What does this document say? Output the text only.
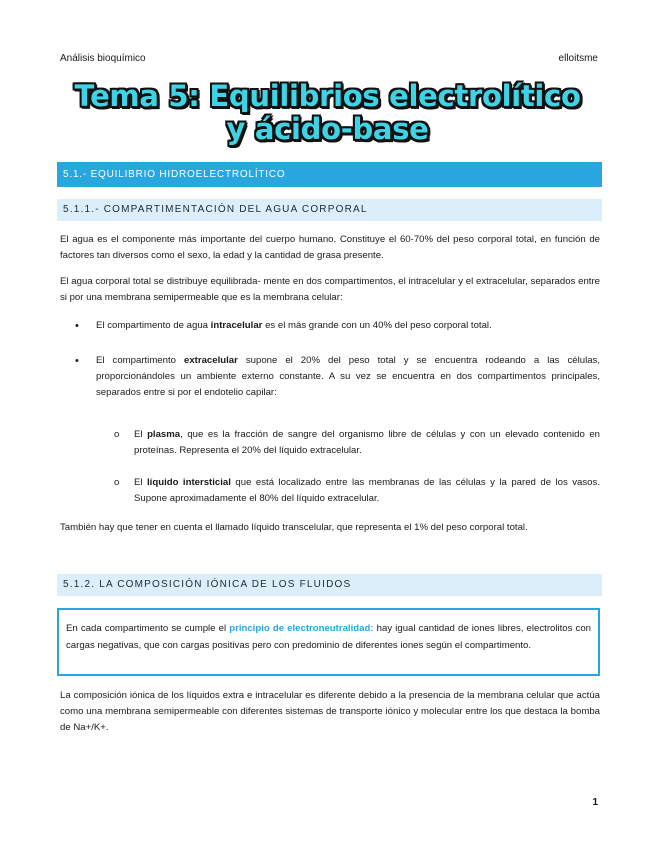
Análisis bioquímico	elloitsme
Tema 5: Equilibrios electrolítico
y ácido-base
5.1.- EQUILIBRIO HIDROELECTROLÍTICO
5.1.1.- COMPARTIMENTACIÓN DEL AGUA CORPORAL

El agua es el componente más importante del cuerpo humano. Constituye el 60-70% del peso corporal total, en función de factores tan diversos como el sexo, la edad y la cantidad de grasa presente.

El agua corporal total se distribuye equilibrada- mente en dos compartimentos, el intracelular y el extracelular, separados entre si por una membrana semipermeable que es la membrana celular:

• El compartimento de agua intracelular es el más grande con un 40% del peso corporal total.
• El compartimento extracelular supone el 20% del peso total y se encuentra rodeando a las células, proporcionándoles un ambiente externo constante. A su vez se encuentra en dos compartimentos principales, separados entre si por el endotelio capilar:
o El plasma, que es la fracción de sangre del organismo libre de células y con un elevado contenido en proteínas. Representa el 20% del líquido extracelular.
o El líquido intersticial que está localizado entre las membranas de las células y la pared de los vasos. Supone aproximadamente el 80% del líquido extracelular.

También hay que tener en cuenta el llamado líquido transcelular, que representa el 1% del peso corporal total.

5.1.2. LA COMPOSICIÓN IÓNICA DE LOS FLUIDOS
En cada compartimento se cumple el principio de electroneutralidad: hay igual cantidad de iones libres, electrolitos con cargas negativas, que con cargas positivas pero con predominio de diferentes iones según el compartimento.

La composición iónica de los líquidos extra e intracelular es diferente debido a la presencia de la membrana celular que actúa como una membrana semipermeable con diferentes sistemas de transporte iónico y molecular entre los que destaca la bomba de Na+/K+.

1
